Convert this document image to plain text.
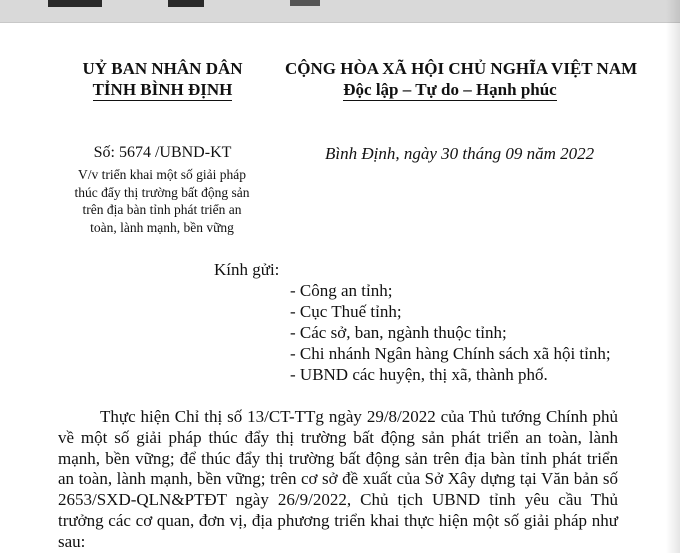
UỶ BAN NHÂN DÂN
TỈNH BÌNH ĐỊNH
CỘNG HÒA XÃ HỘI CHỦ NGHĨA VIỆT NAM
Độc lập – Tự do – Hạnh phúc
Số: 5674 /UBND-KT	Bình Định, ngày 30 tháng 09 năm 2022
V/v triển khai một số giải pháp
thúc đẩy thị trường bất động sản
trên địa bàn tỉnh phát triển an
toàn, lành mạnh, bền vững
Kính gửi:
- Công an tỉnh;
- Cục Thuế tỉnh;
- Các sở, ban, ngành thuộc tỉnh;
- Chi nhánh Ngân hàng Chính sách xã hội tỉnh;
- UBND các huyện, thị xã, thành phố.

Thực hiện Chỉ thị số 13/CT-TTg ngày 29/8/2022 của Thủ tướng Chính phủ về một số giải pháp thúc đẩy thị trường bất động sản phát triển an toàn, lành mạnh, bền vững; để thúc đẩy thị trường bất động sản trên địa bàn tỉnh phát triển an toàn, lành mạnh, bền vững; trên cơ sở đề xuất của Sở Xây dựng tại Văn bản số 2653/SXD-QLN&PTĐT ngày 26/9/2022, Chủ tịch UBND tỉnh yêu cầu Thủ trưởng các cơ quan, đơn vị, địa phương triển khai thực hiện một số giải pháp như sau:
